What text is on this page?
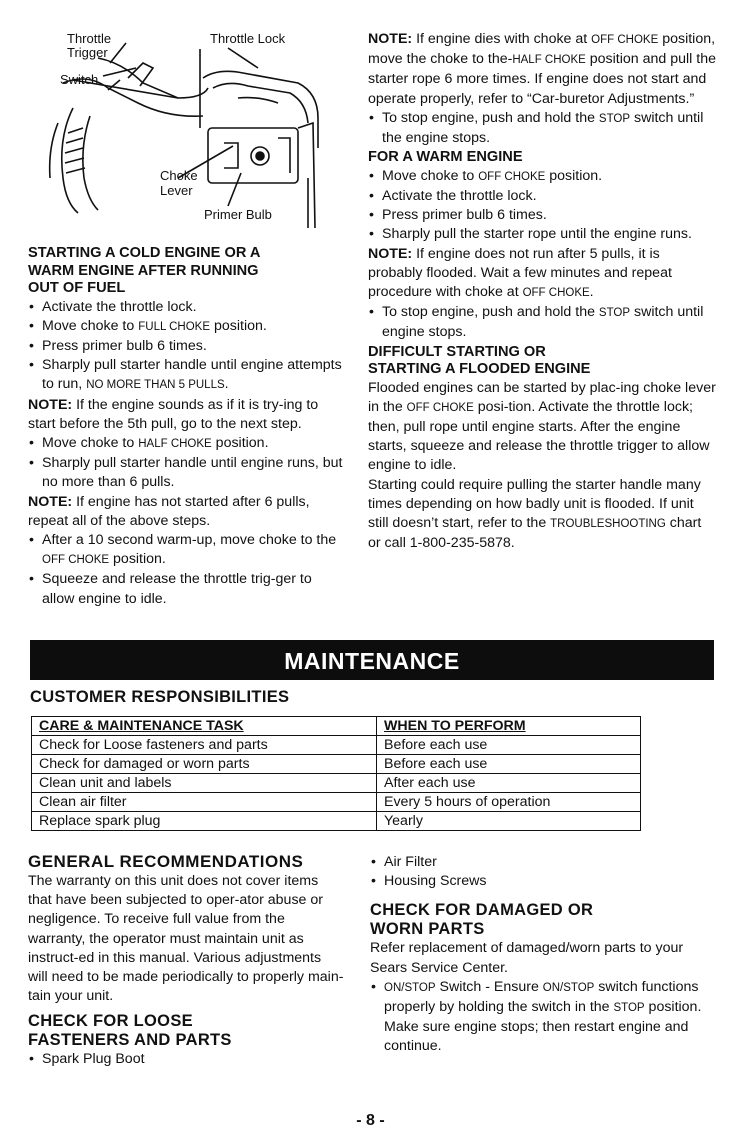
Throttle
Trigger
Switch
Throttle Lock
Choke
Lever
Primer Bulb
STARTING A COLD ENGINE OR A
WARM ENGINE AFTER RUNNING
OUT OF FUEL
• Activate the throttle lock.
• Move choke to FULL CHOKE position.
• Press primer bulb 6 times.
• Sharply pull starter handle until engine attempts to run, NO MORE THAN 5 PULLS.

NOTE: If the engine sounds as if it is try-ing to start before the 5th pull, go to the next step.

• Move choke to HALF CHOKE position.
• Sharply pull starter handle until engine runs, but no more than 6 pulls.

NOTE: If engine has not started after 6 pulls, repeat all of the above steps.

• After a 10 second warm-up, move choke to the OFF CHOKE position.
• Squeeze and release the throttle trig-ger to allow engine to idle.

NOTE: If engine dies with choke at OFF CHOKE position, move the choke to the-HALF CHOKE position and pull the starter rope 6 more times. If engine does not start and operate properly, refer to “Car-buretor Adjustments.”

• To stop engine, push and hold the STOP switch until the engine stops.
FOR A WARM ENGINE
• Move choke to OFF CHOKE position.
• Activate the throttle lock.
• Press primer bulb 6 times.
• Sharply pull the starter rope until the engine runs.

NOTE: If engine does not run after 5 pulls, it is probably flooded. Wait a few minutes and repeat procedure with choke at OFF CHOKE.

• To stop engine, push and hold the STOP switch until engine stops.
DIFFICULT STARTING OR
STARTING A FLOODED ENGINE

Flooded engines can be started by plac-ing choke lever in the OFF CHOKE posi-tion. Activate the throttle lock; then, pull rope until engine starts. After the engine starts, squeeze and release the throttle trigger to allow engine to idle.

Starting could require pulling the starter handle many times depending on how badly unit is flooded. If unit still doesn’t start, refer to the TROUBLESHOOTING chart or call 1-800-235-5878.

MAINTENANCE
CUSTOMER RESPONSIBILITIES
CARE & MAINTENANCE TASK	WHEN TO PERFORM
Check for Loose fasteners and parts	Before each use
Check for damaged or worn parts	Before each use
Clean unit and labels	After each use
Clean air filter	Every 5 hours of operation
Replace spark plug	Yearly
GENERAL RECOMMENDATIONS

The warranty on this unit does not cover items that have been subjected to oper-ator abuse or negligence. To receive full value from the warranty, the operator must maintain unit as instruct-ed in this manual. Various adjustments will need to be made periodically to properly main-tain your unit.

CHECK FOR LOOSE
FASTENERS AND PARTS
• Spark Plug Boot
• Air Filter
• Housing Screws
CHECK FOR DAMAGED OR
WORN PARTS

Refer replacement of damaged/worn parts to your Sears Service Center.

• ON/STOP Switch - Ensure ON/STOP switch functions properly by holding the switch in the STOP position. Make sure engine stops; then restart engine and continue.
- 8 -
